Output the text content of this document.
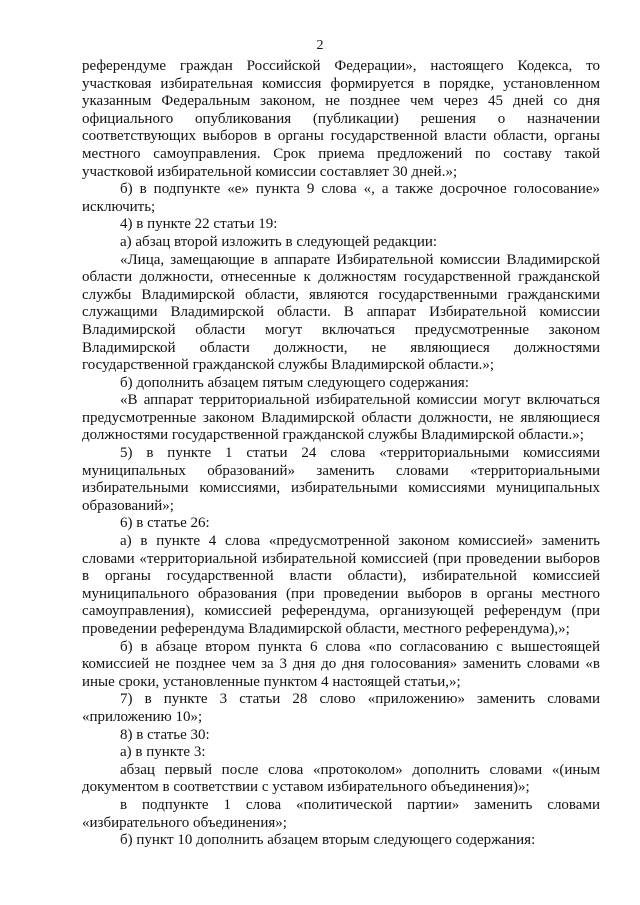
2
референдуме граждан Российской Федерации», настоящего Кодекса, то
участковая избирательная комиссия формируется в порядке, установленном
указанным Федеральным законом, не позднее чем через 45 дней со дня
официального опубликования (публикации) решения о назначении
соответствующих выборов в органы государственной власти области, органы
местного самоуправления. Срок приема предложений по составу такой
участковой избирательной комиссии составляет 30 дней.»;
б) в подпункте «е» пункта 9 слова «, а также досрочное голосование»
исключить;
4) в пункте 22 статьи 19:
а) абзац второй изложить в следующей редакции:
«Лица, замещающие в аппарате Избирательной комиссии Владимирской
области должности, отнесенные к должностям государственной гражданской
службы Владимирской области, являются государственными гражданскими
служащими Владимирской области. В аппарат Избирательной комиссии
Владимирской области могут включаться предусмотренные законом
Владимирской области должности, не являющиеся должностями
государственной гражданской службы Владимирской области.»;
б) дополнить абзацем пятым следующего содержания:
«В аппарат территориальной избирательной комиссии могут включаться
предусмотренные законом Владимирской области должности, не являющиеся
должностями государственной гражданской службы Владимирской области.»;
5) в пункте 1 статьи 24 слова «территориальными комиссиями
муниципальных образований» заменить словами «территориальными
избирательными комиссиями, избирательными комиссиями муниципальных
образований»;
6) в статье 26:
а) в пункте 4 слова «предусмотренной законом комиссией» заменить
словами «территориальной избирательной комиссией (при проведении выборов
в органы государственной власти области), избирательной комиссией
муниципального образования (при проведении выборов в органы местного
самоуправления), комиссией референдума, организующей референдум (при
проведении референдума Владимирской области, местного референдума),»;
б) в абзаце втором пункта 6 слова «по согласованию с вышестоящей
комиссией не позднее чем за 3 дня до дня голосования» заменить словами «в
иные сроки, установленные пунктом 4 настоящей статьи,»;
7) в пункте 3 статьи 28 слово «приложению» заменить словами
«приложению 10»;
8) в статье 30:
а) в пункте 3:
абзац первый после слова «протоколом» дополнить словами «(иным
документом в соответствии с уставом избирательного объединения)»;
в подпункте 1 слова «политической партии» заменить словами
«избирательного объединения»;
б) пункт 10 дополнить абзацем вторым следующего содержания:
